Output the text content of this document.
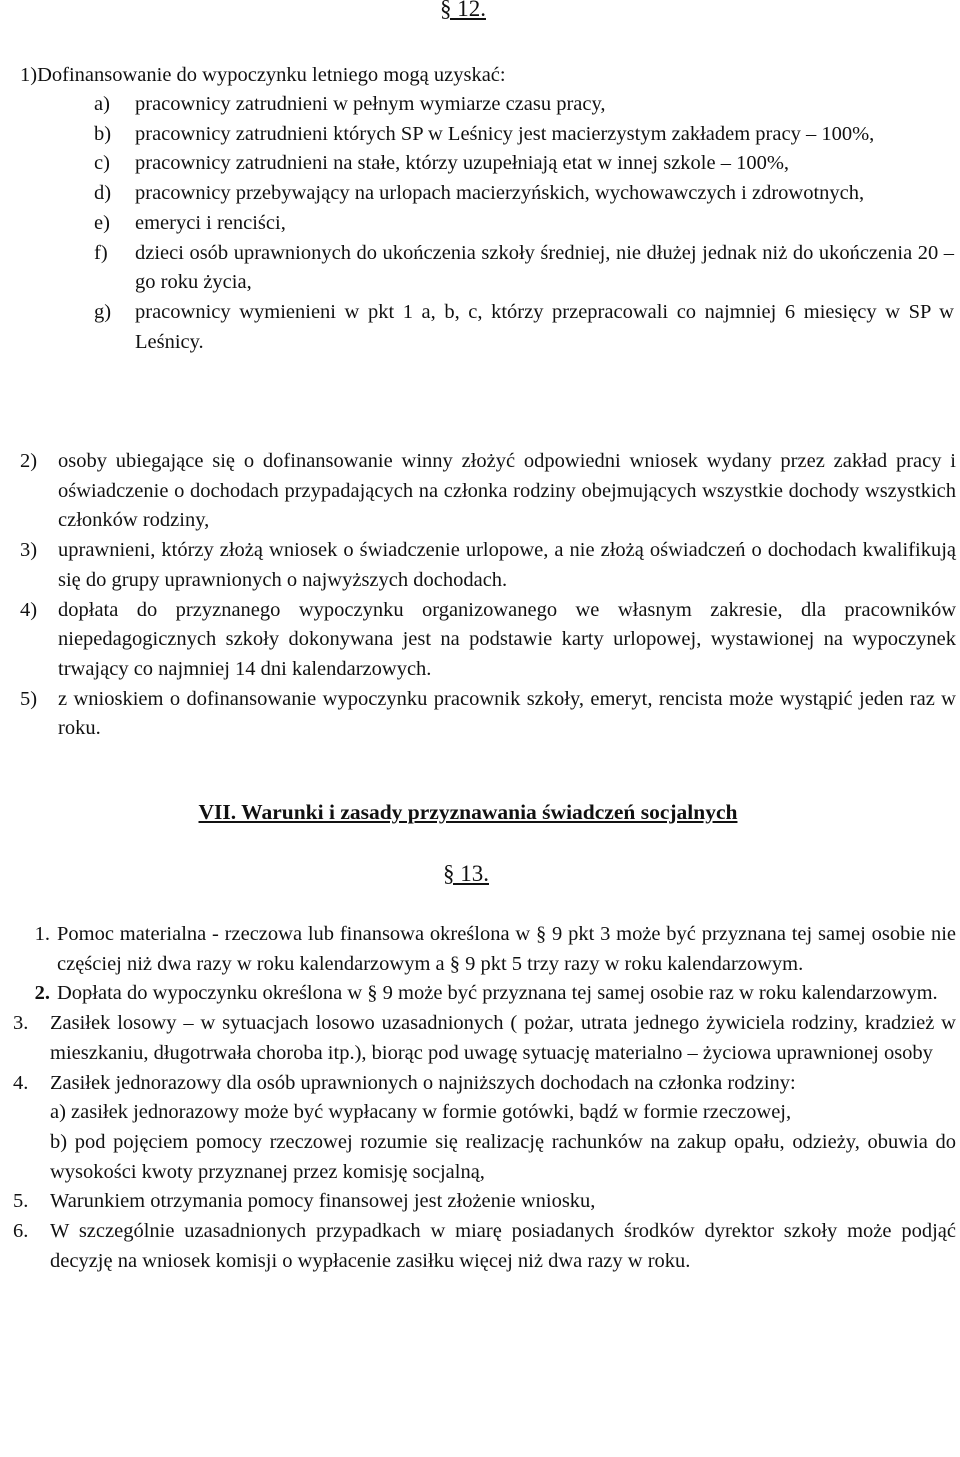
§ 12.
1)Dofinansowanie do wypoczynku letniego mogą uzyskać:
a)	pracownicy zatrudnieni w pełnym wymiarze czasu pracy,
b)	pracownicy zatrudnieni których SP w Leśnicy jest macierzystym zakładem pracy – 100%,
c)	pracownicy zatrudnieni na stałe, którzy uzupełniają etat w innej szkole – 100%,
d)	pracownicy przebywający na urlopach macierzyńskich, wychowawczych i zdrowotnych,
e)	emeryci i renciści,
f)	dzieci osób uprawnionych do ukończenia szkoły średniej, nie dłużej jednak niż do ukończenia 20 – go roku życia,
g)	pracownicy wymienieni w pkt 1 a, b, c, którzy przepracowali co najmniej 6 miesięcy w SP w Leśnicy.
2)	osoby ubiegające się o dofinansowanie winny złożyć odpowiedni wniosek wydany przez zakład pracy i oświadczenie o dochodach przypadających na członka rodziny obejmujących wszystkie dochody wszystkich członków rodziny,
3)	uprawnieni, którzy złożą wniosek o świadczenie urlopowe, a nie złożą oświadczeń o dochodach kwalifikują się do grupy uprawnionych o najwyższych dochodach.
4)	dopłata do przyznanego wypoczynku organizowanego we własnym zakresie, dla pracowników niepedagogicznych szkoły dokonywana jest na podstawie karty urlopowej, wystawionej na wypoczynek trwający co najmniej 14 dni kalendarzowych.
5)	z wnioskiem o dofinansowanie wypoczynku pracownik szkoły, emeryt, rencista może wystąpić jeden raz w roku.
VII. Warunki i zasady przyznawania świadczeń socjalnych
§ 13.
1. Pomoc materialna - rzeczowa lub finansowa określona w § 9 pkt 3 może być przyznana tej samej osobie nie częściej niż dwa razy w roku kalendarzowym a § 9 pkt 5 trzy razy w roku kalendarzowym.
2. Dopłata do wypoczynku określona w § 9 może być przyznana tej samej osobie raz w roku kalendarzowym.
3.	Zasiłek losowy – w sytuacjach losowo uzasadnionych ( pożar, utrata jednego żywiciela rodziny, kradzież w mieszkaniu, długotrwała choroba itp.), biorąc pod uwagę sytuację materialno – życiowa uprawnionej osoby
4.	Zasiłek jednorazowy dla osób uprawnionych o najniższych dochodach na członka rodziny:
a) zasiłek jednorazowy może być wypłacany w formie gotówki, bądź w formie rzeczowej,
b) pod pojęciem pomocy rzeczowej rozumie się realizację rachunków na zakup opału, odzieży, obuwia do wysokości kwoty przyznanej przez komisję socjalną,
5.	Warunkiem otrzymania pomocy finansowej jest złożenie wniosku,
6.	W szczególnie uzasadnionych przypadkach w miarę posiadanych środków dyrektor szkoły może podjąć decyzję na wniosek komisji o wypłacenie zasiłku więcej niż dwa razy w roku.
